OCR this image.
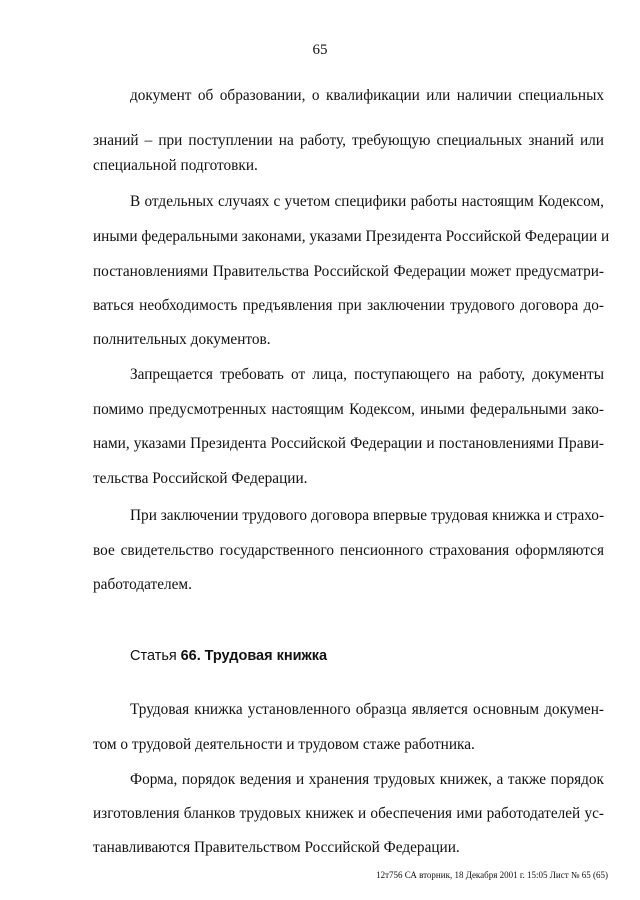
65
документ об образовании, о квалификации или наличии специальных
знаний – при поступлении на работу, требующую специальных знаний или
специальной подготовки.
В отдельных случаях с учетом специфики работы настоящим Кодексом,
иными федеральными законами, указами Президента Российской Федерации и
постановлениями Правительства Российской Федерации может предусматри-
ваться необходимость предъявления при заключении трудового договора до-
полнительных документов.
Запрещается требовать от лица, поступающего на работу, документы
помимо предусмотренных настоящим Кодексом, иными федеральными зако-
нами, указами Президента Российской Федерации и постановлениями Прави-
тельства Российской Федерации.
При заключении трудового договора впервые трудовая книжка и страхо-
вое свидетельство государственного пенсионного страхования оформляются
работодателем.
Статья 66. Трудовая книжка
Трудовая книжка установленного образца является основным докумен-
том о трудовой деятельности и трудовом стаже работника.
Форма, порядок ведения и хранения трудовых книжек, а также порядок
изготовления бланков трудовых книжек и обеспечения ими работодателей ус-
танавливаются Правительством Российской Федерации.
12т756 СА вторник, 18 Декабря 2001 г. 15:05 Лист № 65 (65)
